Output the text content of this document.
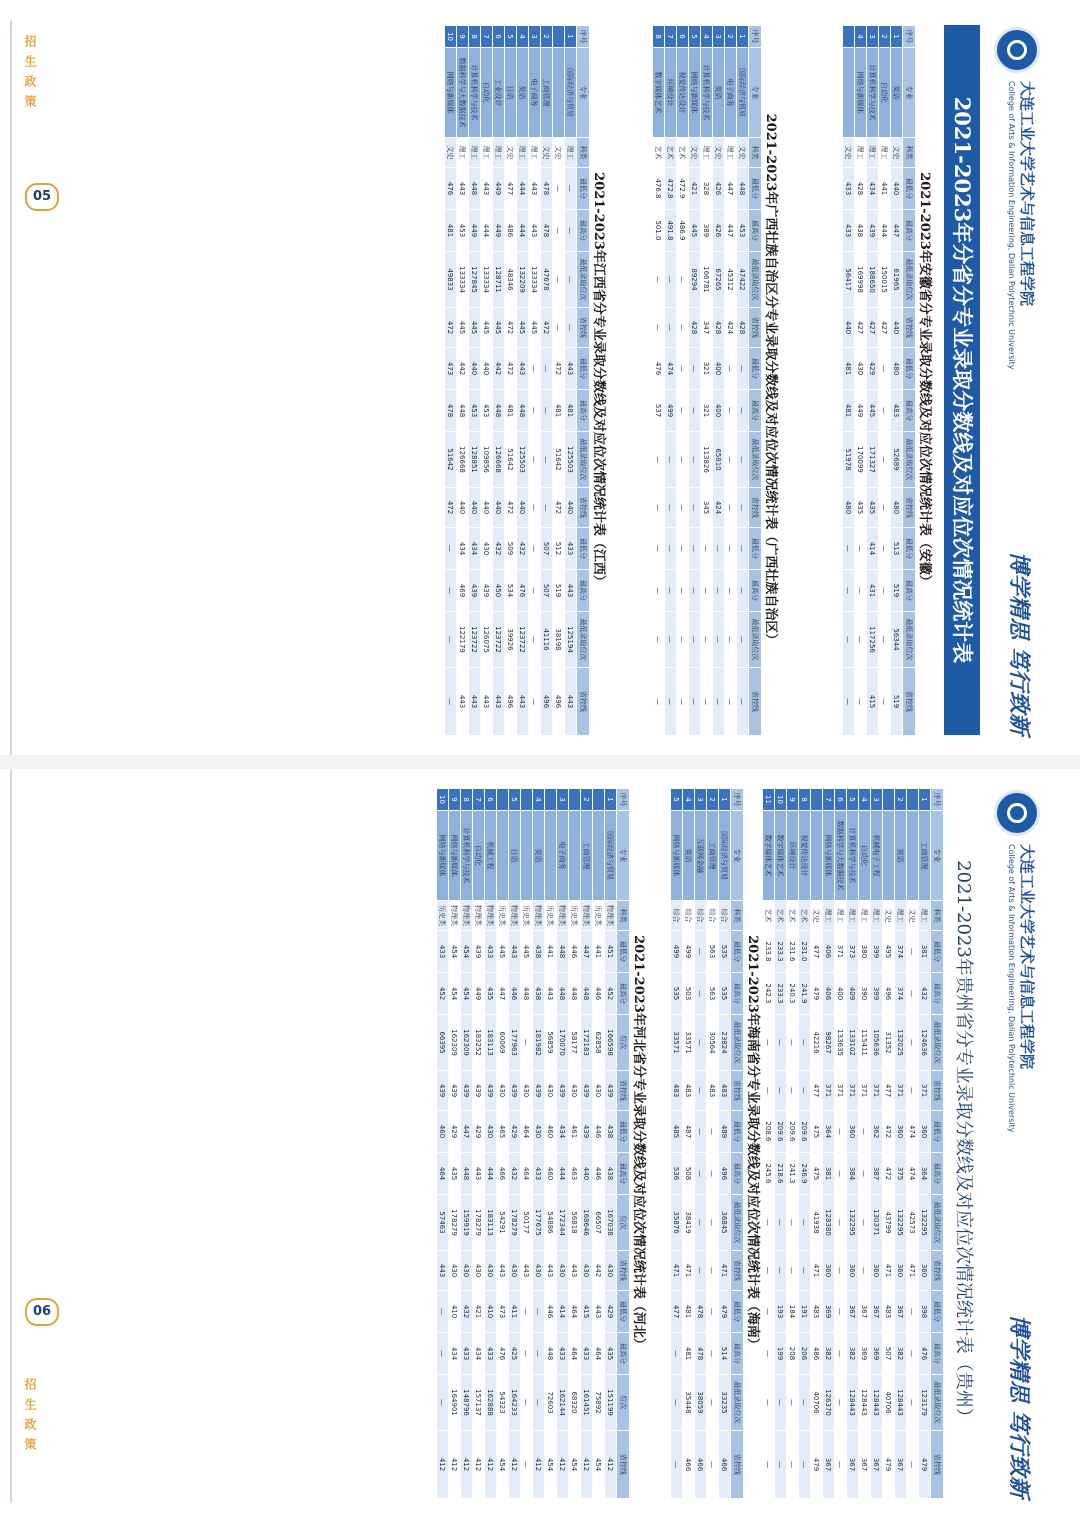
大连工业大学艺术与信息工程学院
College of Arts & Information Engineering, Dalian Polytechnic University
博学精思 笃行致新
2021-2023年分省分专业录取分数线及对应位次情况统计表
2021-2023年安徽省分专业录取分数线及对应位次情况统计表（安徽）
序号	专业	科类	最低分	最高分	最低录取位次	省控线	最低分	最高分	最低录取位次	省控线	最低分	最高分	最低录取位次	省控线
1	英语	文史	440	447	61965	440	480	483	52689	480	513	519	56344	519
2	自动化	理工	441	444	150015	427	—	—	—	—	—	—	—	—
3	计算机科学与技术	理工	434	439	188650	427	429	445	171327	435	414	431	117256	415
4	网络与新媒体	理工	428	438	169998	427	430	449	170099	435	—	—	—	—
		文史	433	433	56417	440	481	481	51978	480	—	—	—	—
2021-2023年广西壮族自治区分专业录取分数线及对应位次情况统计表（广西壮族自治区）
序号	专业	科类	最低分	最高分	最低录取位次	省控线	最低分	最高分	最低录取位次	省控线	最低分	最高分	最低录取位次	省控线
1	国际经济与贸易	文史	448	453	47422	428	—	—	—	—	—	—	—	—
2	电子商务	理工	447	447	45312	424	—	—	—	—	—	—	—	—
3	英语	文史	426	426	67265	428	400	400	65810	424	—	—	—	—
4	计算机科学与技术	理工	328	389	166781	347	321	321	113826	345	—	—	—	—
5	网络与新媒体	文史	421	445	89294	428	—	—	—	—	—	—	—	—
6	视觉传达设计	艺术	472.9	486.9	—	—	—	—	—	—	—	—	—	—
7	环境设计	艺术	472.8	491.8	—	—	474	499	—	—	—	—	—	—
8	数字媒体艺术	艺术	476.8	501.0	—	—	476	537	—	—	—	—	—	—
2021-2023年江西省分专业录取分数线及对应位次情况统计表（江西）
序号	专业	科类	最低分	最高分	最低录取位次	省控线	最低分	最高分	最低录取位次	省控线	最低分	最高分	最低录取位次	省控线
1	国际经济与贸易	理工	—	—	—	—	443	481	125503	440	433	443	125194	443
		文史	—	—	—	—	472	481	51642	472	512	519	38198	496
2	工商管理	文史	478	478	47678	472	—	—	—	—	507	507	41116	496
3	电子商务	理工	443	443	133334	445	—	—	—	—	—	—	—	—
4	英语	理工	444	444	132209	445	443	448	125503	440	432	476	123722	443
5	日语	文史	477	486	48346	472	472	481	51642	472	509	534	39926	496
6	工业设计	理工	449	449	128711	445	442	448	126668	440	432	450	123722	443
7	自动化	理工	443	444	133334	445	440	453	109856	440	430	439	126075	443
8	计算机科学与技术	理工	448	449	127845	445	440	453	128851	440	434	439	123722	443
9	数据科学与大数据技术	理工	443	453	133334	445	442	448	126668	440	434	469	122179	443
10	网络与新媒体	文史	476	481	49833	472	473	478	51642	472	—	—	—	—
05
招生政策
大连工业大学艺术与信息工程学院
College of Arts & Information Engineering, Dalian Polytechnic University
博学精思 笃行致新
2021-2023年贵州省分专业录取分数线及对应位次情况统计表（贵州）
序号	专业	科类	最低分	最高分	最低录取位次	省控线	最低分	最高分	最低录取位次	省控线	最低分	最高分	最低录取位次	省控线
1	工商管理	理工	381	432	124636	371	360	364	132295	360	398	476	123179	479
		文史	—	—	—	—	474	474	42573	471	—	—	—	—
2	英语	理工	374	374	132025	371	360	375	132295	360	367	382	128443	367
		文史	495	496	31352	477	472	472	43799	471	483	507	40706	479
3	机械电子工程	理工	399	399	105636	371	362	387	130371	360	367	369	128443	367
4	自动化	理工	380	390	115411	371	—	—	—	—	367	369	128443	367
5	计算机科学与技术	理工	373	409	133102	371	360	384	132295	360	367	382	128443	367
6	数据科学与大数据技术	理工	371	400	133635	371	—	—	—	—	—	—	—	—
7	网络与新媒体	理工	406	406	98267	371	364	381	128380	360	369	382	126370	367
		文史	477	479	42216	477	475	475	41938	471	483	486	40706	479
8	视觉传达设计	艺术	231.0	241.9	—	—	209.6	246.9	—	—	191	206	—	—
9	环境设计	艺术	231.6	240.3	—	—	209.6	241.3	—	—	184	208	—	—
10	数字媒体艺术	艺术	233.3	233.3	—	—	209.6	218.6	—	—	193	199	—	—
11	数字媒体艺术	艺术	233.8	242.3	—	—	208.6	245.6	—	—	—	—	—	—
2021-2023年海南省分专业录取分数线及对应位次情况统计表（海南）
序号	专业	科类	最低分	最高分	最低录取位次	省控线	最低分	最高分	最低录取位次	省控线	最低分	最高分	最低录取位次	省控线
1	国际经济与贸易	综合	535	535	23824	483	489	496	36845	471	479	514	33235	466
2	工商管理	综合	563	563	30564	483	—	—	—	—	—	—	—	—
3	互联网金融	综合	—	—	—	—	—	—	—	—	478	478	38059	466
4	英语	综合	499	503	33571	483	487	508	38419	471	481	481	35448	466
5	网络与新媒体	综合	499	535	33571	483	485	536	35876	471	477	—	—	—
2021-2023年河北省分专业录取分数线及对应位次情况统计表（河北）
序号	专业	科类	最低分	最高分	位次	省控线	最低分	最高分	位次	省控线	最低分	最高分	位次	省控线
1	国际经济与贸易	物理类	451	452	166598	439	438	438	167038	430	429	435	151199	412
		历史类	441	446	62858	430	446	446	66507	442	443	464	75892	454
2	工商管理	物理类	447	448	172183	439	439	440	168646	430	415	433	161451	412
		历史类	446	448	58177	430	461	463	56818	443	464	464	68320	454
3	电子商务	物理类	448	448	170070	439	434	444	172344	430	414	433	162144	412
		历史类	441	443	56859	430	460	460	54886	443	446	448	72603	454
4	英语	物理类	438	438	181982	439	430	433	177675	430	—	—	—	412
		历史类	445	448	—	430	464	464	50177	443	—	—	—	—
5	日语	物理类	443	446	177963	439	429	432	178279	430	411	425	164233	412
		历史类	445	447	60069	430	465	466	54291	443	473	476	54323	454
6	机械工程	物理类	433	435	183113	439	430	444	183113	430	410	433	162888	412
7	自动化	物理类	439	449	183252	439	429	443	178279	430	421	434	157137	412
8	计算机科学与技术	物理类	454	454	162309	439	447	448	159919	430	432	433	148796	412
9	网络与新媒体	物理类	454	454	162309	439	429	435	178279	430	410	434	164901	412
10	网络与新媒体	历史类	433	452	66395	439	460	464	57463	443	—	—	—	412
06
招生政策
